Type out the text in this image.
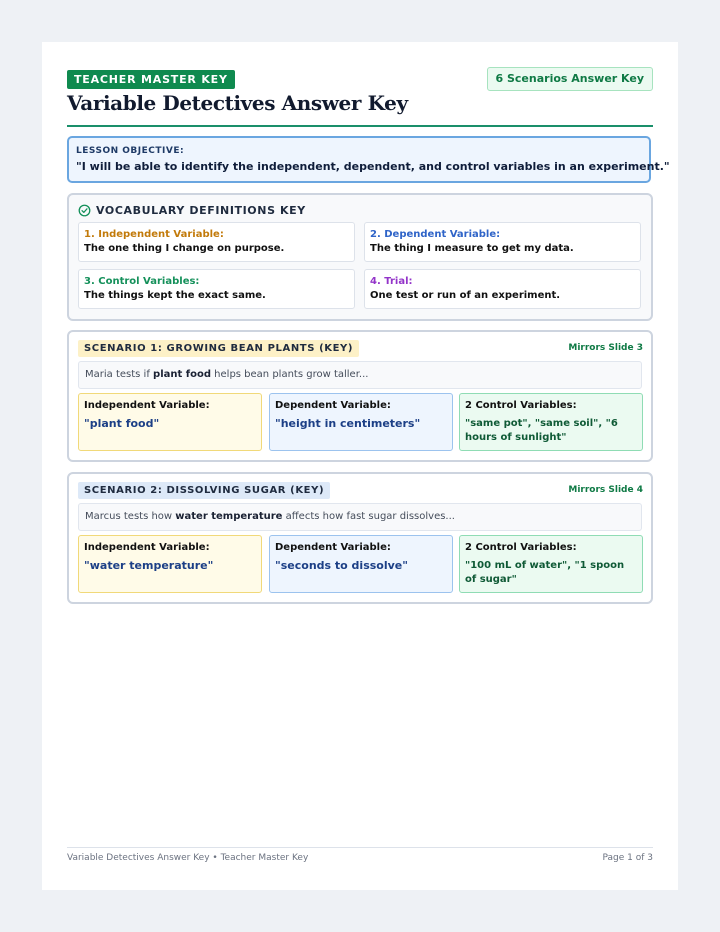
TEACHER MASTER KEY	6 Scenarios Answer Key
Variable Detectives Answer Key
LESSON OBJECTIVE:
"I will be able to identify the independent, dependent, and control variables in an experiment."
VOCABULARY DEFINITIONS KEY
1. Independent Variable:
The one thing I change on purpose.
2. Dependent Variable:
The thing I measure to get my data.
3. Control Variables:
The things kept the exact same.
4. Trial:
One test or run of an experiment.
SCENARIO 1: GROWING BEAN PLANTS (KEY)	Mirrors Slide 3
Maria tests if plant food helps bean plants grow taller...
Independent Variable:
"plant food"
Dependent Variable:
"height in centimeters"
2 Control Variables:
"same pot", "same soil", "6 hours of sunlight"
SCENARIO 2: DISSOLVING SUGAR (KEY)	Mirrors Slide 4
Marcus tests how water temperature affects how fast sugar dissolves...
Independent Variable:
"water temperature"
Dependent Variable:
"seconds to dissolve"
2 Control Variables:
"100 mL of water", "1 spoon of sugar"
Variable Detectives Answer Key • Teacher Master Key	Page 1 of 3
